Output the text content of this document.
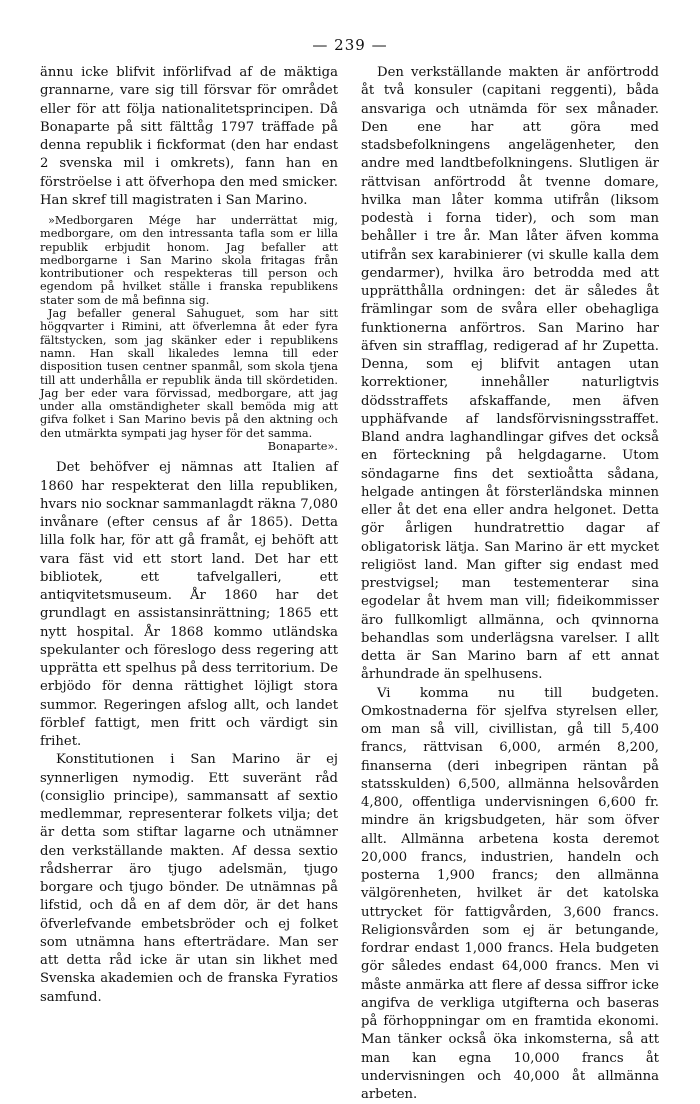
— 239 —

ännu icke blifvit införlifvad af de mäktiga grannarne, vare sig till försvar för området eller för att följa nationalitetsprincipen. Då Bonaparte på sitt fälttåg 1797 träffade på denna republik i fickformat (den har endast 2 svenska mil i omkrets), fann han en förströelse i att öfverhopa den med smicker. Han skref till magistraten i San Marino.

»Medborgaren Mége har underrättat mig, medborgare, om den intressanta tafla som er lilla republik erbjudit honom. Jag befaller att medborgarne i San Marino skola fritagas från kontributioner och respekteras till person och egendom på hvilket ställe i franska republikens stater som de må befinna sig.

Jag befaller general Sahuguet, som har sitt högqvarter i Rimini, att öfverlemna åt eder fyra fältstycken, som jag skänker eder i republikens namn. Han skall likaledes lemna till eder disposition tusen centner spanmål, som skola tjena till att underhålla er republik ända till skördetiden. Jag ber eder vara förvissad, medborgare, att jag under alla omständigheter skall bemöda mig att gifva folket i San Marino bevis på den aktning och den utmärkta sympati jag hyser för det samma.

Bonaparte».

Det behöfver ej nämnas att Italien af 1860 har respekterat den lilla republiken, hvars nio socknar sammanlagdt räkna 7,080 invånare (efter census af år 1865). Detta lilla folk har, för att gå framåt, ej behöft att vara fäst vid ett stort land. Det har ett bibliotek, ett tafvelgalleri, ett antiqvitetsmuseum. År 1860 har det grundlagt en assistansinrättning; 1865 ett nytt hospital. År 1868 kommo utländska spekulanter och föreslogo dess regering att upprätta ett spelhus på dess territorium. De erbjödo för denna rättighet löjligt stora summor. Regeringen afslog allt, och landet förblef fattigt, men fritt och värdigt sin frihet.

Konstitutionen i San Marino är ej synnerligen nymodig. Ett suveränt råd (consiglio principe), sammansatt af sextio medlemmar, representerar folkets vilja; det är detta som stiftar lagarne och utnämner den verkställande makten. Af dessa sextio rådsherrar äro tjugo adelsmän, tjugo borgare och tjugo bönder. De utnämnas på lifstid, och då en af dem dör, är det hans öfverlefvande embetsbröder och ej folket som utnämna hans efterträdare. Man ser att detta råd icke är utan sin likhet med Svenska akademien och de franska Fyratios samfund.

Den verkställande makten är anförtrodd åt två konsuler (capitani reggenti), båda ansvariga och utnämda för sex månader. Den ene har att göra med stadsbefolkningens angelägenheter, den andre med landtbefolkningens. Slutligen är rättvisan anförtrodd åt tvenne domare, hvilka man låter komma utifrån (liksom podestà i forna tider), och som man behåller i tre år. Man låter äfven komma utifrån sex karabinierer (vi skulle kalla dem gendarmer), hvilka äro betrodda med att upprätthålla ordningen: det är således åt främlingar som de svåra eller obehagliga funktionerna anförtros. San Marino har äfven sin strafflag, redigerad af hr Zupetta. Denna, som ej blifvit antagen utan korrektioner, innehåller naturligtvis dödsstraffets afskaffande, men äfven upphäfvande af landsförvisningsstraffet. Bland andra laghandlingar gifves det också en förteckning på helgdagarne. Utom söndagarne fins det sextioåtta sådana, helgade antingen åt försterländska minnen eller åt det ena eller andra helgonet. Detta gör årligen hundratrettio dagar af obligatorisk lätja. San Marino är ett mycket religiöst land. Man gifter sig endast med prestvigsel; man testementerar sina egodelar åt hvem man vill; fideikommisser äro fullkomligt allmänna, och qvinnorna behandlas som underlägsna varelser. I allt detta är San Marino barn af ett annat århundrade än spelhusens.

Vi komma nu till budgeten. Omkostnaderna för sjelfva styrelsen eller, om man så vill, civillistan, gå till 5,400 francs, rättvisan 6,000, armén 8,200, finanserna (deri inbegripen räntan på statsskulden) 6,500, allmänna helsovården 4,800, offentliga undervisningen 6,600 fr. mindre än krigsbudgeten, här som öfver allt. Allmänna arbetena kosta deremot 20,000 francs, industrien, handeln och posterna 1,900 francs; den allmänna välgörenheten, hvilket är det katolska uttrycket för fattigvården, 3,600 francs. Religionsvården som ej är betungande, fordrar endast 1,000 francs. Hela budgeten gör således endast 64,000 francs. Men vi måste anmärka att flere af dessa siffror icke angifva de verkliga utgifterna och baseras på förhoppningar om en framtida ekonomi. Man tänker också öka inkomsterna, så att man kan egna 10,000 francs åt undervisningen och 40,000 åt allmänna arbeten.
